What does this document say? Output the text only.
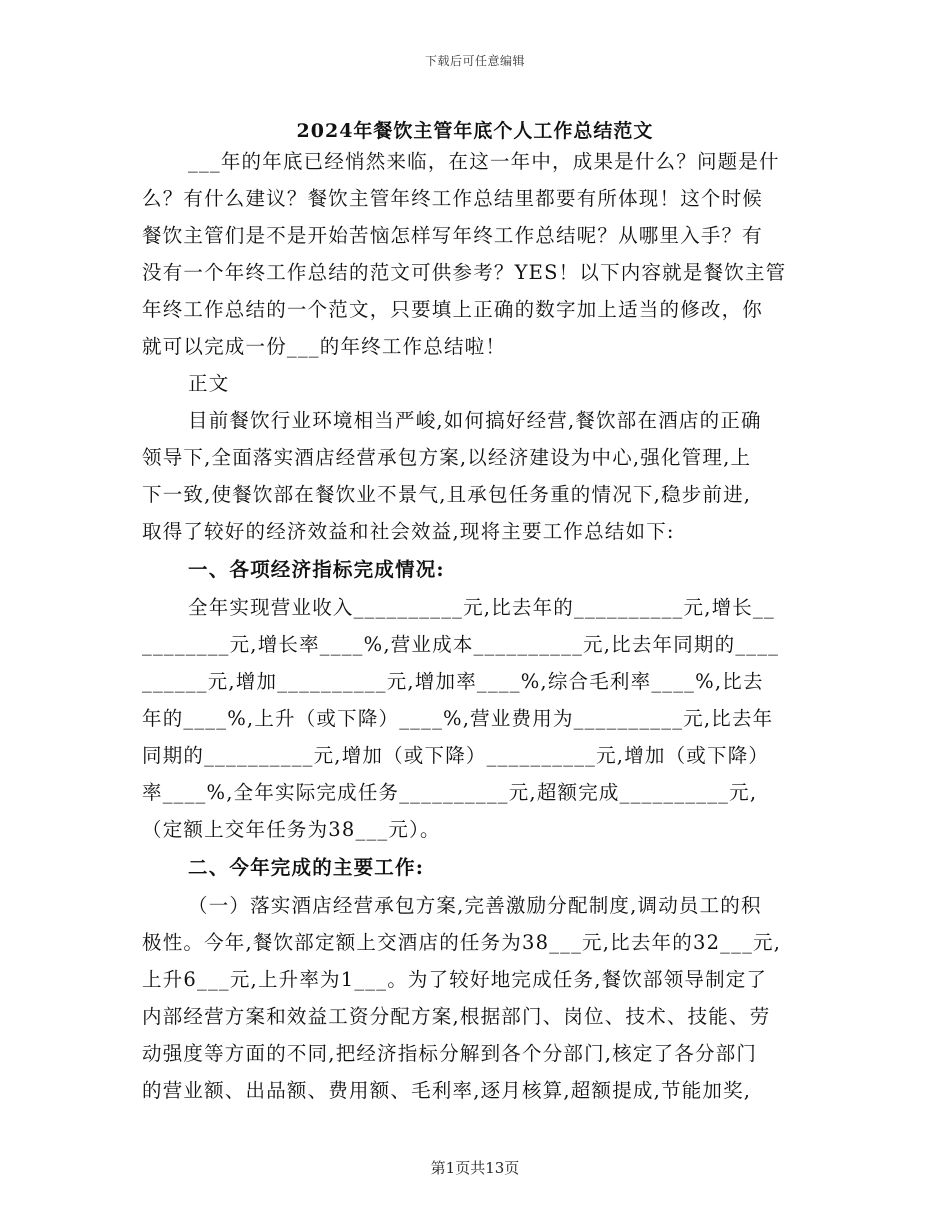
下载后可任意编辑
2024年餐饮主管年底个人工作总结范文
___年的年底已经悄然来临，在这一年中，成果是什么？问题是什
么？有什么建议？餐饮主管年终工作总结里都要有所体现！这个时候
餐饮主管们是不是开始苦恼怎样写年终工作总结呢？从哪里入手？有
没有一个年终工作总结的范文可供参考？YES！以下内容就是餐饮主管
年终工作总结的一个范文，只要填上正确的数字加上适当的修改，你
就可以完成一份___的年终工作总结啦！
正文
目前餐饮行业环境相当严峻,如何搞好经营,餐饮部在酒店的正确
领导下,全面落实酒店经营承包方案,以经济建设为中心,强化管理,上
下一致,使餐饮部在餐饮业不景气,且承包任务重的情况下,稳步前进,
取得了较好的经济效益和社会效益,现将主要工作总结如下:
一、各项经济指标完成情况:
全年实现营业收入__________元,比去年的__________元,增长__
________元,增长率____%,营业成本__________元,比去年同期的____
______元,增加__________元,增加率____%,综合毛利率____%,比去
年的____%,上升（或下降）____%,营业费用为__________元,比去年
同期的__________元,增加（或下降）__________元,增加（或下降）
率____%,全年实际完成任务__________元,超额完成__________元,
（定额上交年任务为38___元）。
二、今年完成的主要工作:
（一）落实酒店经营承包方案,完善激励分配制度,调动员工的积
极性。今年,餐饮部定额上交酒店的任务为38___元,比去年的32___元,
上升6___元,上升率为1___。为了较好地完成任务,餐饮部领导制定了
内部经营方案和效益工资分配方案,根据部门、岗位、技术、技能、劳
动强度等方面的不同,把经济指标分解到各个分部门,核定了各分部门
的营业额、出品额、费用额、毛利率,逐月核算,超额提成,节能加奖,
第1页共13页
